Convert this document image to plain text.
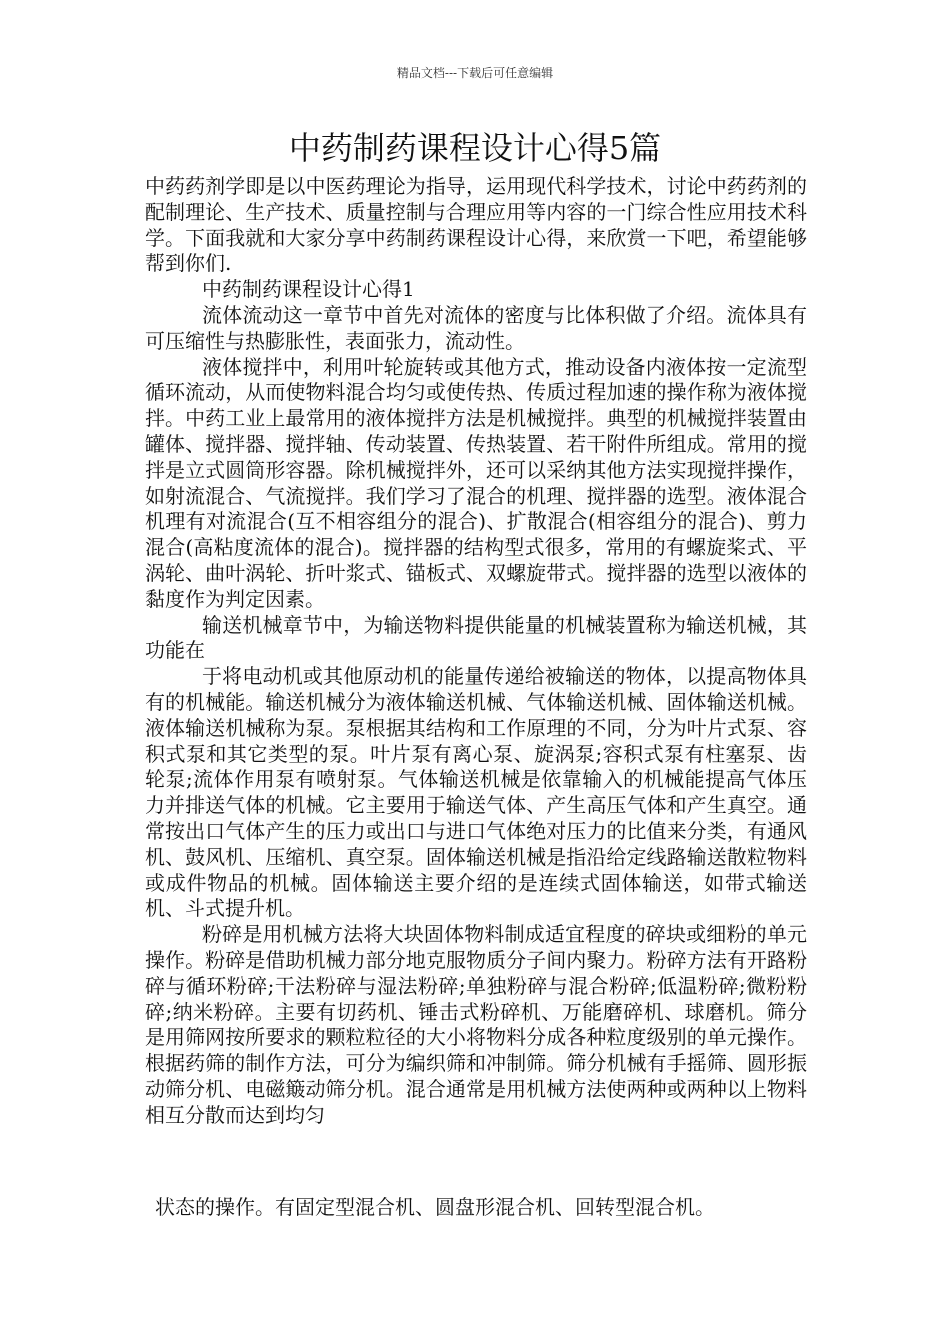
精品文档---下载后可任意编辑
中药制药课程设计心得5篇

中药药剂学即是以中医药理论为指导，运用现代科学技术，讨论中药药剂的配制理论、生产技术、质量控制与合理应用等内容的一门综合性应用技术科学。下面我就和大家分享中药制药课程设计心得，来欣赏一下吧，希望能够帮到你们.

中药制药课程设计心得1

流体流动这一章节中首先对流体的密度与比体积做了介绍。流体具有可压缩性与热膨胀性，表面张力，流动性。

液体搅拌中，利用叶轮旋转或其他方式，推动设备内液体按一定流型循环流动，从而使物料混合均匀或使传热、传质过程加速的操作称为液体搅拌。中药工业上最常用的液体搅拌方法是机械搅拌。典型的机械搅拌装置由罐体、搅拌器、搅拌轴、传动装置、传热装置、若干附件所组成。常用的搅拌是立式圆筒形容器。除机械搅拌外，还可以采纳其他方法实现搅拌操作，如射流混合、气流搅拌。我们学习了混合的机理、搅拌器的选型。液体混合机理有对流混合(互不相容组分的混合)、扩散混合(相容组分的混合)、剪力混合(高粘度流体的混合)。搅拌器的结构型式很多，常用的有螺旋桨式、平涡轮、曲叶涡轮、折叶浆式、锚板式、双螺旋带式。搅拌器的选型以液体的黏度作为判定因素。

输送机械章节中，为输送物料提供能量的机械装置称为输送机械，其功能在

于将电动机或其他原动机的能量传递给被输送的物体，以提高物体具有的机械能。输送机械分为液体输送机械、气体输送机械、固体输送机械。液体输送机械称为泵。泵根据其结构和工作原理的不同，分为叶片式泵、容积式泵和其它类型的泵。叶片泵有离心泵、旋涡泵;容积式泵有柱塞泵、齿轮泵;流体作用泵有喷射泵。气体输送机械是依靠输入的机械能提高气体压力并排送气体的机械。它主要用于输送气体、产生高压气体和产生真空。通常按出口气体产生的压力或出口与进口气体绝对压力的比值来分类，有通风机、鼓风机、压缩机、真空泵。固体输送机械是指沿给定线路输送散粒物料或成件物品的机械。固体输送主要介绍的是连续式固体输送，如带式输送机、斗式提升机。

粉碎是用机械方法将大块固体物料制成适宜程度的碎块或细粉的单元操作。粉碎是借助机械力部分地克服物质分子间内聚力。粉碎方法有开路粉碎与循环粉碎;干法粉碎与湿法粉碎;单独粉碎与混合粉碎;低温粉碎;微粉粉碎;纳米粉碎。主要有切药机、锤击式粉碎机、万能磨碎机、球磨机。筛分是用筛网按所要求的颗粒粒径的大小将物料分成各种粒度级别的单元操作。根据药筛的制作方法，可分为编织筛和冲制筛。筛分机械有手摇筛、圆形振动筛分机、电磁簸动筛分机。混合通常是用机械方法使两种或两种以上物料相互分散而达到均匀

状态的操作。有固定型混合机、圆盘形混合机、回转型混合机。
